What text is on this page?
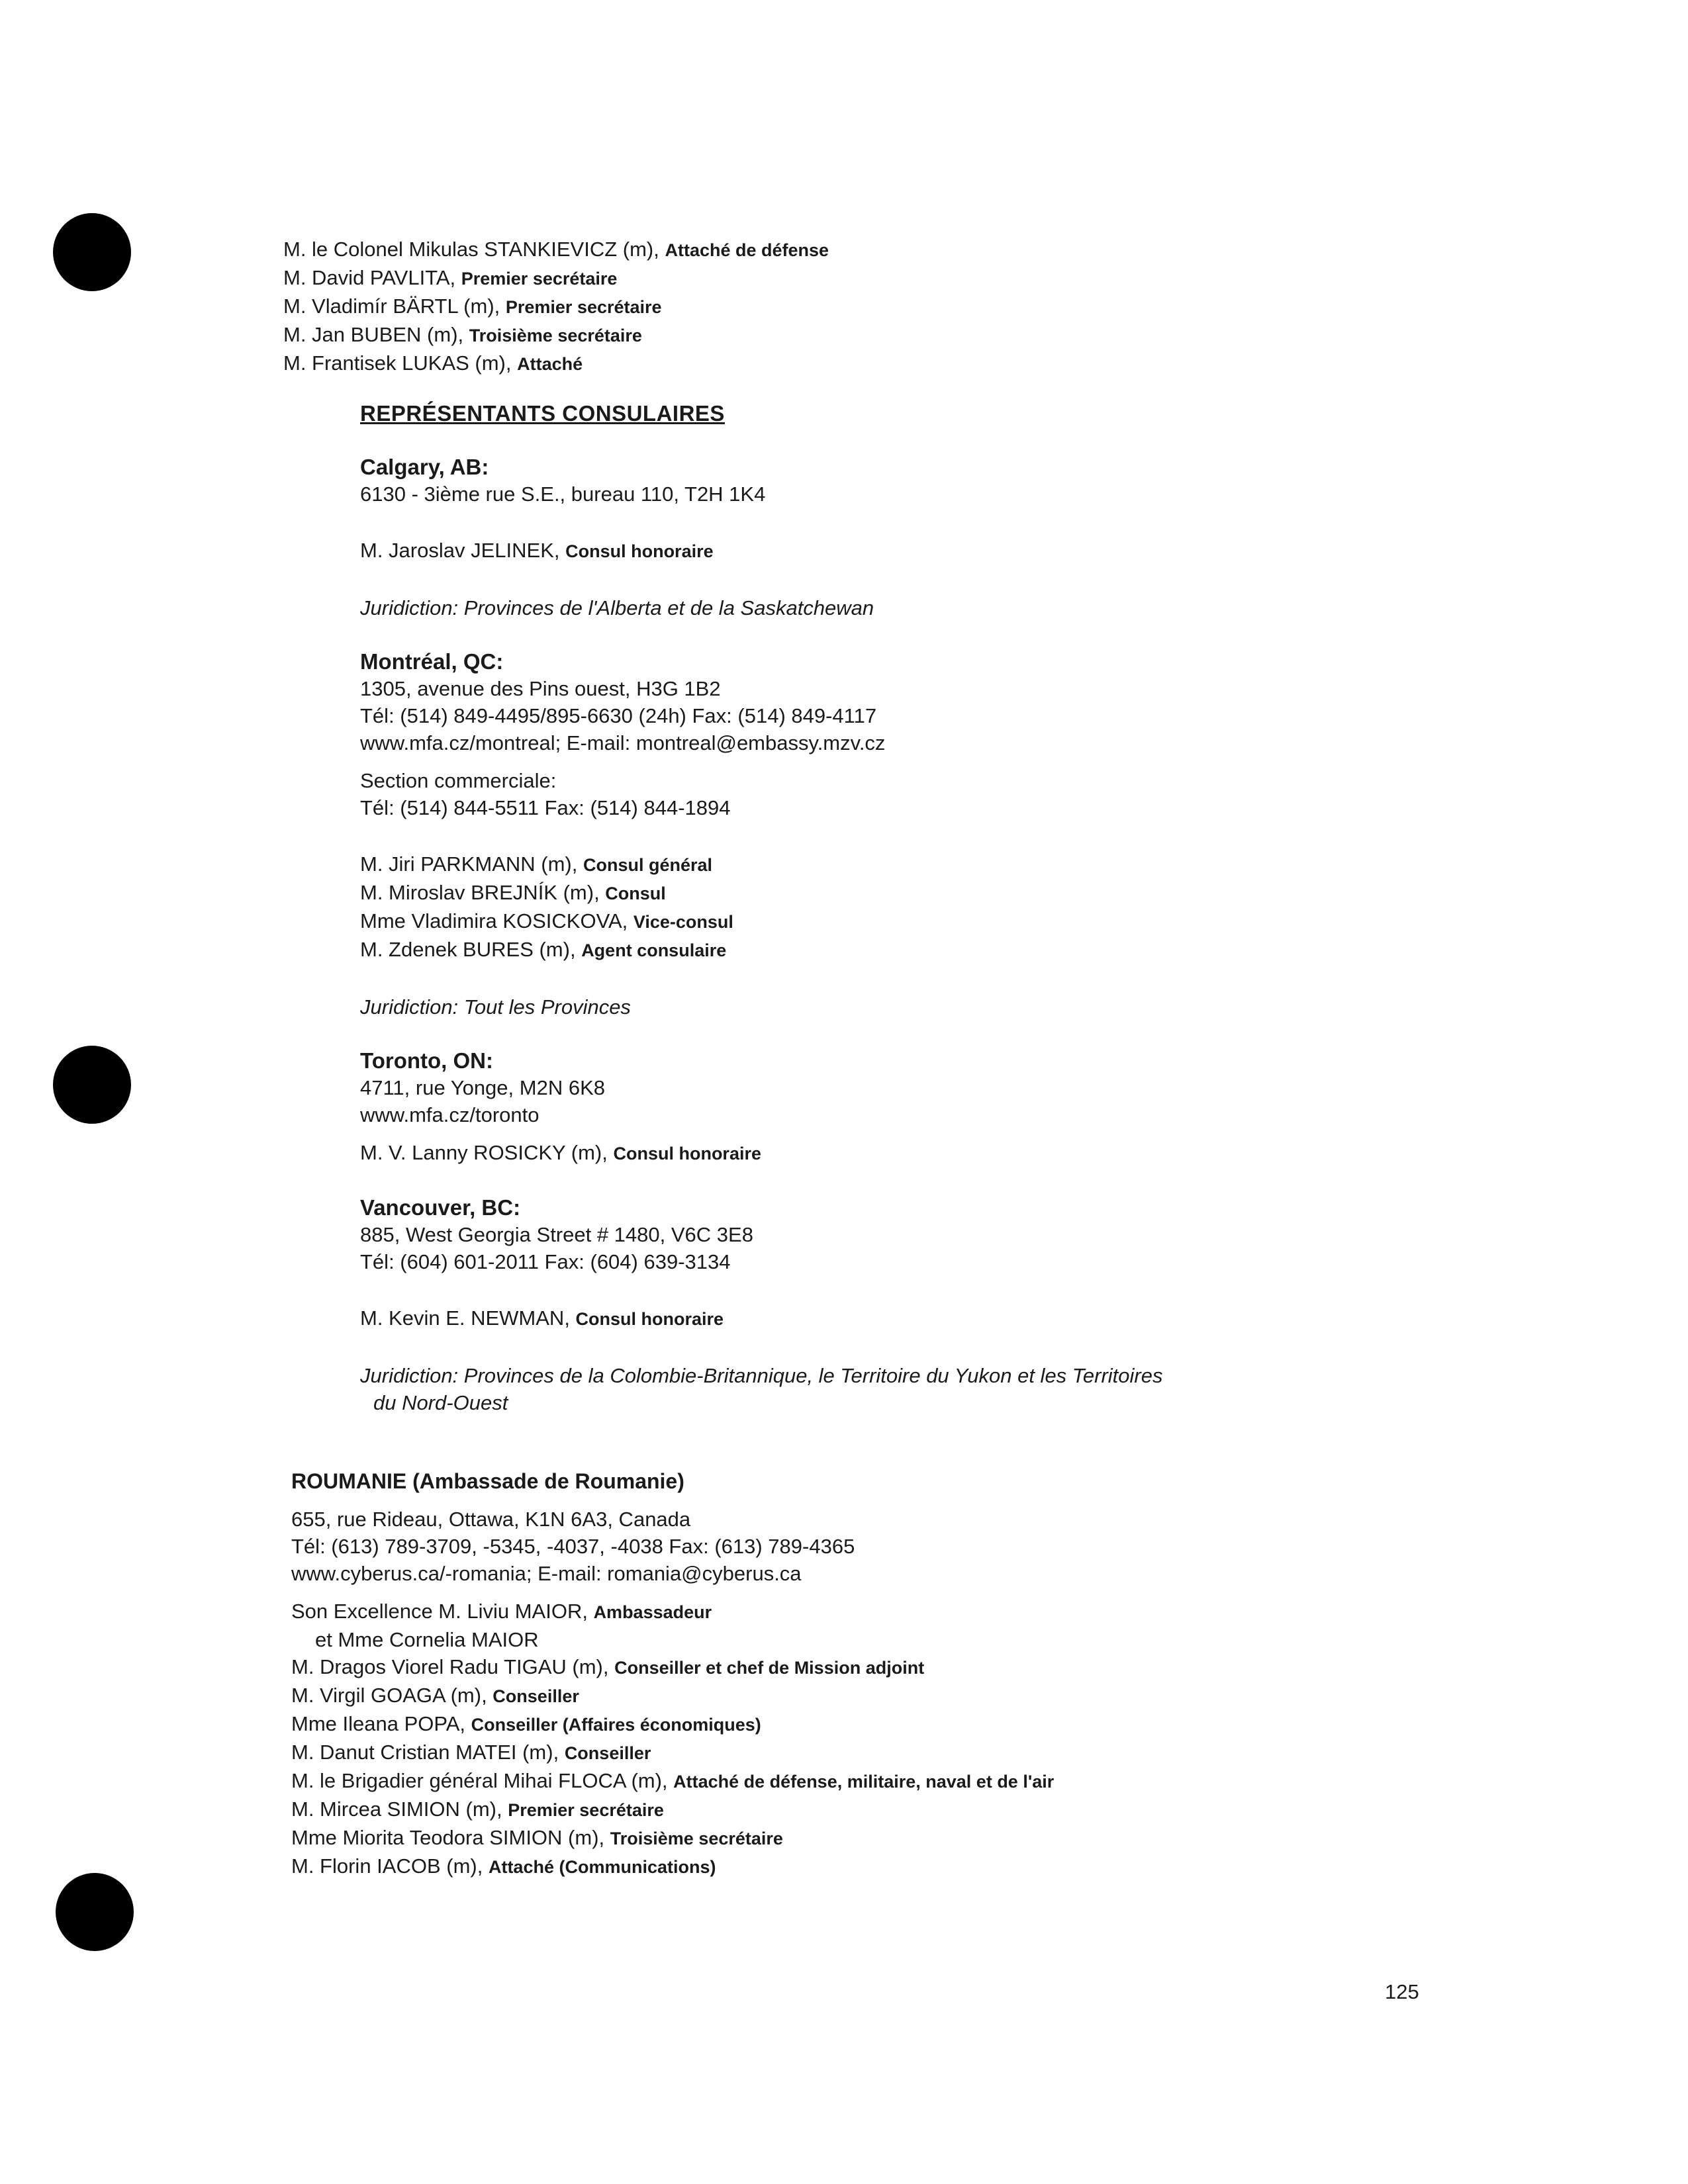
M. le Colonel Mikulas STANKIEVICZ (m), Attaché de défense
M. David PAVLITA, Premier secrétaire
M. Vladimír BÄRTL (m), Premier secrétaire
M. Jan BUBEN (m), Troisième secrétaire
M. Frantisek LUKAS (m), Attaché
REPRÉSENTANTS CONSULAIRES
Calgary, AB:
6130 - 3ième rue S.E., bureau 110, T2H 1K4
M. Jaroslav JELINEK, Consul honoraire
Juridiction: Provinces de l'Alberta et de la Saskatchewan
Montréal, QC:
1305, avenue des Pins ouest, H3G 1B2
Tél: (514) 849-4495/895-6630 (24h) Fax: (514) 849-4117
www.mfa.cz/montreal; E-mail: montreal@embassy.mzv.cz
Section commerciale:
Tél: (514) 844-5511 Fax: (514) 844-1894
M. Jiri PARKMANN (m), Consul général
M. Miroslav BREJNÍK (m), Consul
Mme Vladimira KOSICKOVA, Vice-consul
M. Zdenek BURES (m), Agent consulaire
Juridiction: Tout les Provinces
Toronto, ON:
4711, rue Yonge, M2N 6K8
www.mfa.cz/toronto
M. V. Lanny ROSICKY (m), Consul honoraire
Vancouver, BC:
885, West Georgia Street # 1480, V6C 3E8
Tél: (604) 601-2011 Fax: (604) 639-3134
M. Kevin E. NEWMAN, Consul honoraire
Juridiction: Provinces de la Colombie-Britannique, le Territoire du Yukon et les Territoires
du Nord-Ouest
ROUMANIE (Ambassade de Roumanie)
655, rue Rideau, Ottawa, K1N 6A3, Canada
Tél: (613) 789-3709, -5345, -4037, -4038 Fax: (613) 789-4365
www.cyberus.ca/-romania; E-mail: romania@cyberus.ca
Son Excellence M. Liviu MAIOR, Ambassadeur
et Mme Cornelia MAIOR
M. Dragos Viorel Radu TIGAU (m), Conseiller et chef de Mission adjoint
M. Virgil GOAGA (m), Conseiller
Mme Ileana POPA, Conseiller (Affaires économiques)
M. Danut Cristian MATEI (m), Conseiller
M. le Brigadier général Mihai FLOCA (m), Attaché de défense, militaire, naval et de l'air
M. Mircea SIMION (m), Premier secrétaire
Mme Miorita Teodora SIMION (m), Troisième secrétaire
M. Florin IACOB (m), Attaché (Communications)
125
